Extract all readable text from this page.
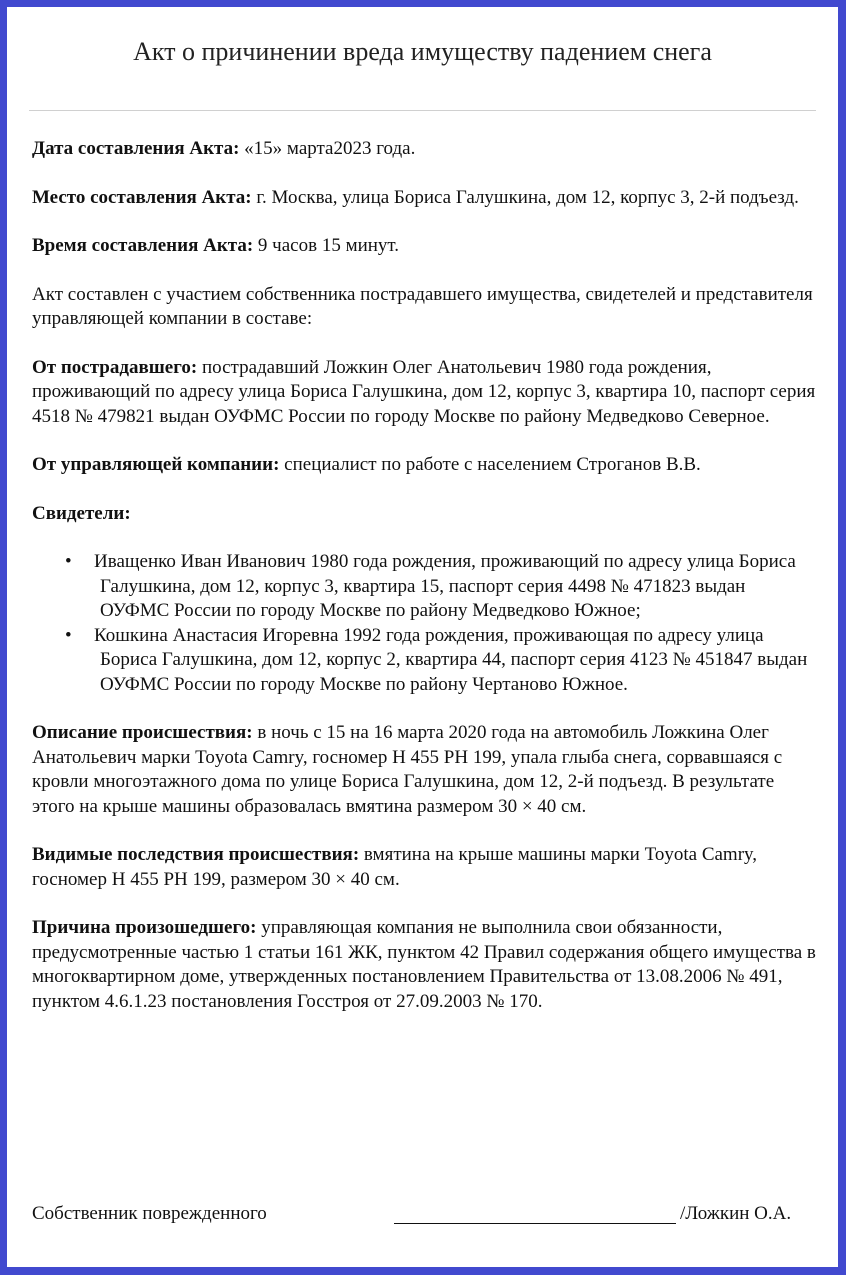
Акт о причинении вреда имуществу падением снега

Дата составления Акта: «15» марта2023 года.

Место составления Акта: г. Москва, улица Бориса Галушкина, дом 12, корпус 3, 2-й подъезд.

Время составления Акта: 9 часов 15 минут.

Акт составлен с участием собственника пострадавшего имущества, свидетелей и представителя управляющей компании в составе:

От пострадавшего: пострадавший Ложкин Олег Анатольевич 1980 года рождения, проживающий по адресу улица Бориса Галушкина, дом 12, корпус 3, квартира 10, паспорт серия 4518 № 479821 выдан ОУФМС России по городу Москве по району Медведково Северное.

От управляющей компании: специалист по работе с населением Строганов В.В.

Свидетели:

• Иващенко Иван Иванович 1980 года рождения, проживающий по адресу улица Бориса Галушкина, дом 12, корпус 3, квартира 15, паспорт серия 4498 № 471823 выдан ОУФМС России по городу Москве по району Медведково Южное;
• Кошкина Анастасия Игоревна 1992 года рождения, проживающая по адресу улица Бориса Галушкина, дом 12, корпус 2, квартира 44, паспорт серия 4123 № 451847 выдан ОУФМС России по городу Москве по району Чертаново Южное.

Описание происшествия: в ночь с 15 на 16 марта 2020 года на автомобиль Ложкина Олег Анатольевич марки Toyota Camry, госномер Н 455 РН 199, упала глыба снега, сорвавшаяся с кровли многоэтажного дома по улице Бориса Галушкина, дом 12, 2-й подъезд. В результате этого на крыше машины образовалась вмятина размером 30 × 40 см.

Видимые последствия происшествия: вмятина на крыше машины марки Toyota Camry, госномер Н 455 РН 199, размером 30 × 40 см.

Причина произошедшего: управляющая компания не выполнила свои обязанности, предусмотренные частью 1 статьи 161 ЖК, пунктом 42 Правил содержания общего имущества в многоквартирном доме, утвержденных постановлением Правительства от 13.08.2006 № 491, пунктом 4.6.1.23 постановления Госстроя от 27.09.2003 № 170.

Собственник поврежденного	/Ложкин О.А.
